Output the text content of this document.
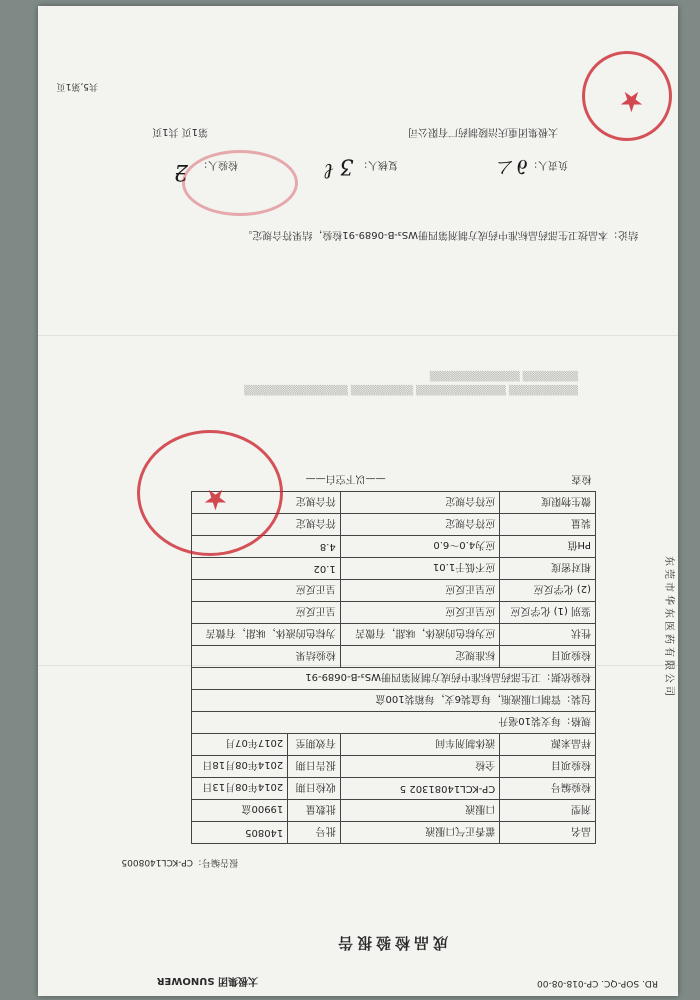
RD. SOP-QC. CP-018-08-00
太极集团 SUNOWER
成品检验报告
报告编号：CP-KCL1408005
品名	藿香正气口服液	批号	140805
剂型	口服液	批数量	19900盒
检验编号	CP-KCL14081302 5	收检日期	2014年08月13日
检验项目	全检	报告日期	2014年08月18日
样品来源	液体制剂车间	有效期至	2017年07月
规格：每支装10毫升			
包装：管制口服液瓶，每盒装6支，每箱装100盒			
检验依据：卫生部药品标准中药成方制剂第四册WS₃-B-0689-91			
检验项目	标准规定	检验结果	
性状	应为棕色的液体，味甜，有微苦	为棕色的液体，味甜，有微苦	
鉴别 (1) 化学反应	应呈正反应	呈正反应	
(2) 化学反应	应呈正反应	呈正反应	
相对密度	应不低于1.01	1.02	
PH值	应为4.0～6.0	4.8	
装量	应符合规定	符合规定	
微生物限度	应符合规定	符合规定	
检查	——以下空白——		
结论：本品按卫生部药品标准中药成方制剂第四册WS₃-B-0689-91检验，结果符合规定。
负责人：
∂ㄥ
复核人：
ʒ ℓ
检验人：
ƻ
太极集团重庆涪陵制药厂有限公司
第1页 共1页
东莞市华东医药有限公司
共5,第1页	★
★
▒▒▒▒▒▒▒▒▒▒ ▒▒▒▒▒▒▒▒▒▒▒▒▒ ▒▒▒▒▒▒▒▒▒ ▒▒▒▒▒▒▒▒▒▒▒▒▒▒▒ ▒▒▒▒▒▒▒▒ ▒▒▒▒▒▒▒▒▒▒▒▒▒
